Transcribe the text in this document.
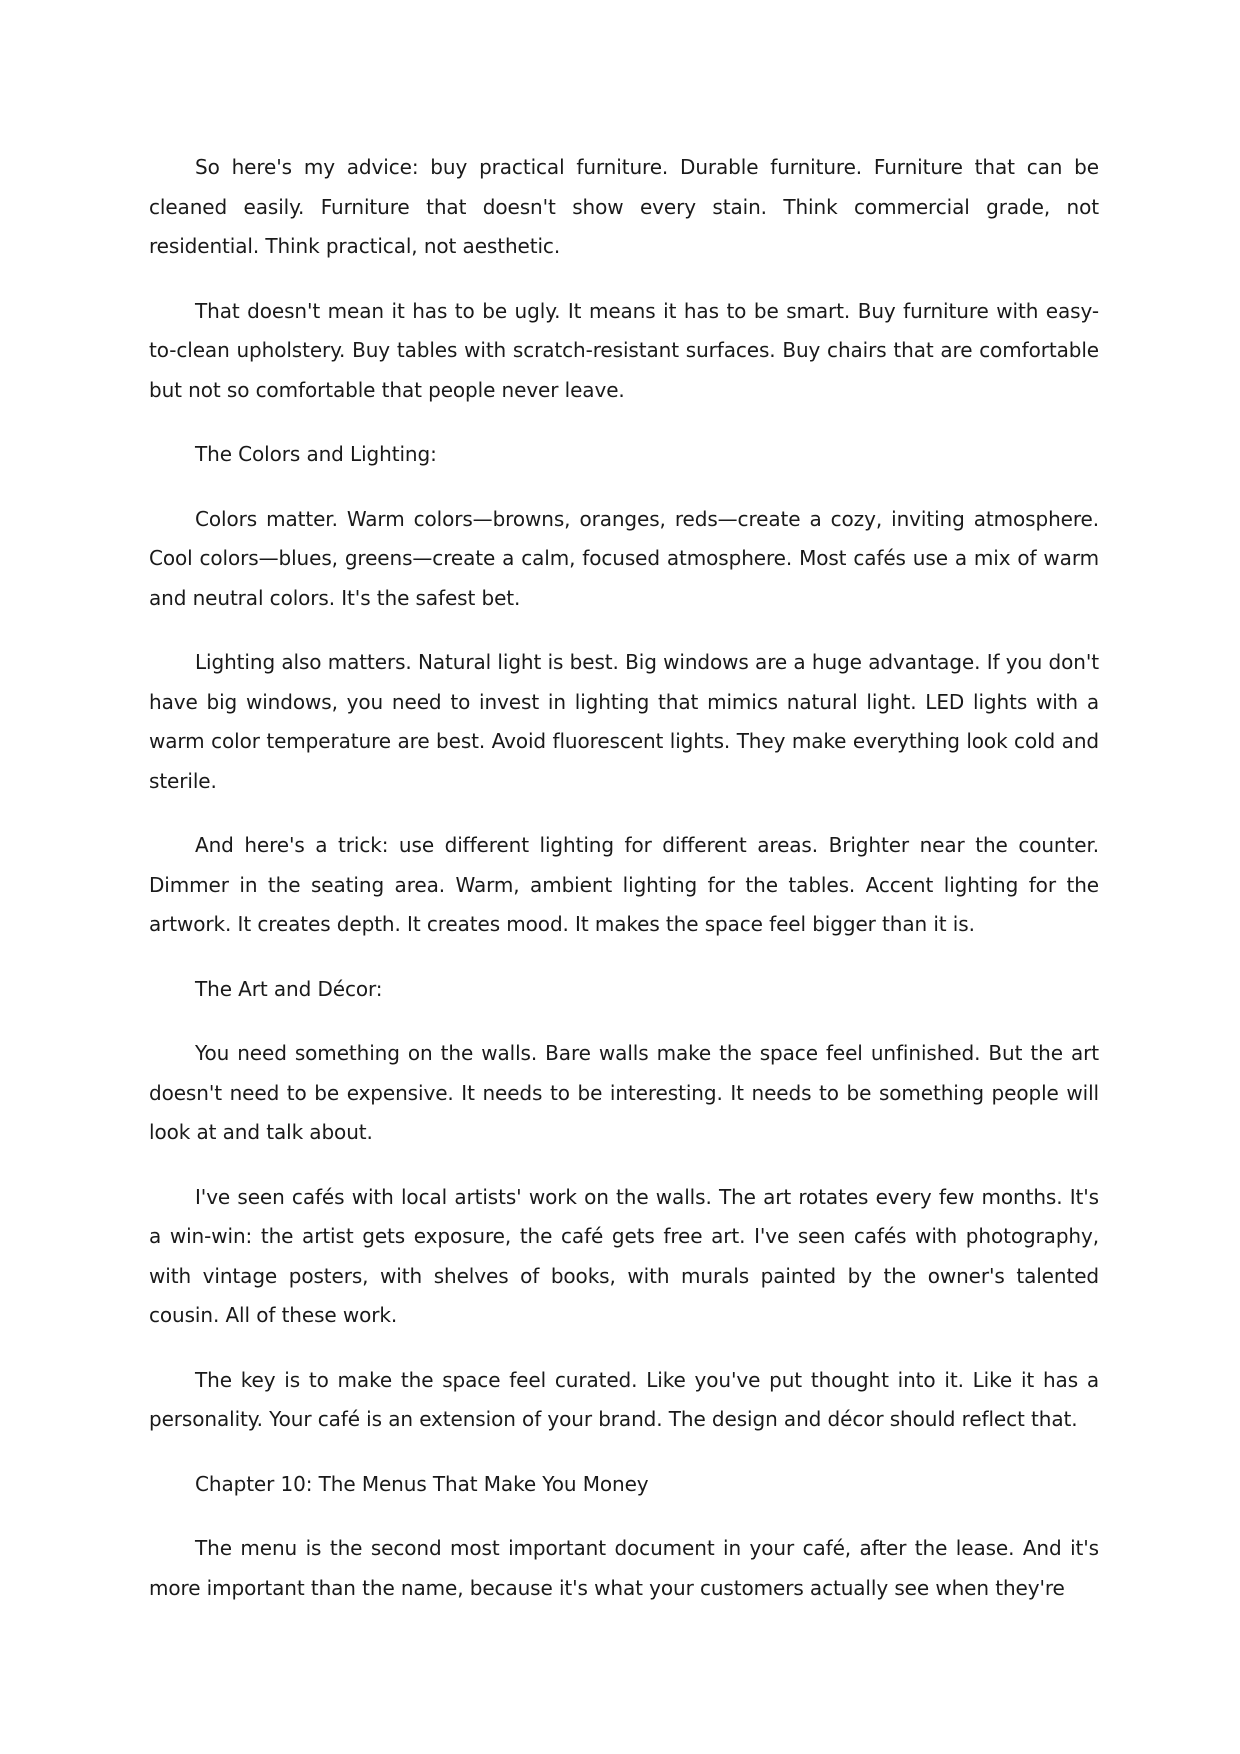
So here's my advice: buy practical furniture. Durable furniture. Furniture that can be cleaned easily. Furniture that doesn't show every stain. Think commercial grade, not residential. Think practical, not aesthetic.

That doesn't mean it has to be ugly. It means it has to be smart. Buy furniture with easy-to-clean upholstery. Buy tables with scratch-resistant surfaces. Buy chairs that are comfortable but not so comfortable that people never leave.

The Colors and Lighting:

Colors matter. Warm colors—browns, oranges, reds—create a cozy, inviting atmosphere. Cool colors—blues, greens—create a calm, focused atmosphere. Most cafés use a mix of warm and neutral colors. It's the safest bet.

Lighting also matters. Natural light is best. Big windows are a huge advantage. If you don't have big windows, you need to invest in lighting that mimics natural light. LED lights with a warm color temperature are best. Avoid fluorescent lights. They make everything look cold and sterile.

And here's a trick: use different lighting for different areas. Brighter near the counter. Dimmer in the seating area. Warm, ambient lighting for the tables. Accent lighting for the artwork. It creates depth. It creates mood. It makes the space feel bigger than it is.

The Art and Décor:

You need something on the walls. Bare walls make the space feel unfinished. But the art doesn't need to be expensive. It needs to be interesting. It needs to be something people will look at and talk about.

I've seen cafés with local artists' work on the walls. The art rotates every few months. It's a win-win: the artist gets exposure, the café gets free art. I've seen cafés with photography, with vintage posters, with shelves of books, with murals painted by the owner's talented cousin. All of these work.

The key is to make the space feel curated. Like you've put thought into it. Like it has a personality. Your café is an extension of your brand. The design and décor should reflect that.

Chapter 10: The Menus That Make You Money

The menu is the second most important document in your café, after the lease. And it's more important than the name, because it's what your customers actually see when they're
